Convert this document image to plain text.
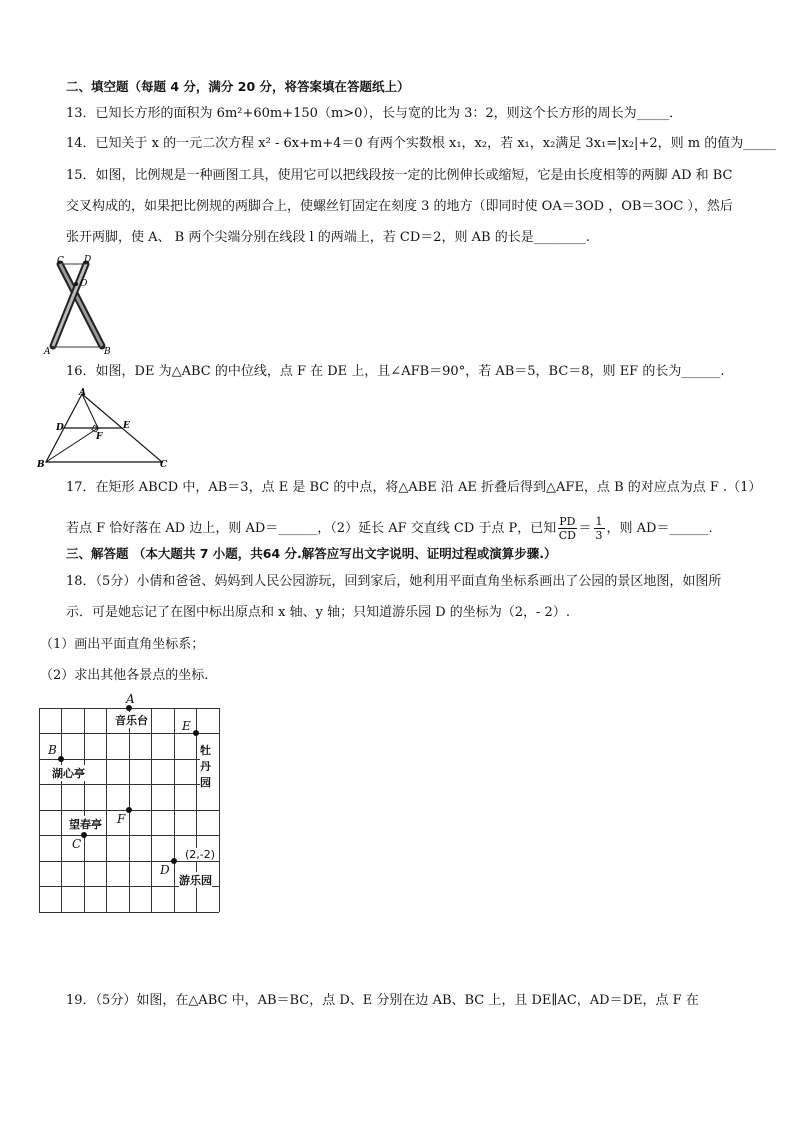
二、填空题（每题 4 分，满分 20 分，将答案填在答题纸上）
13．已知长方形的面积为 6m²+60m+150（m>0），长与宽的比为 3：2，则这个长方形的周长为_____．
14．已知关于 x 的一元二次方程 x² - 6x+m+4＝0 有两个实数根 x₁，x₂，若 x₁，x₂满足 3x₁=|x₂|+2，则 m 的值为_____
15．如图，比例规是一种画图工具，使用它可以把线段按一定的比例伸长或缩短，它是由长度相等的两脚 AD 和 BC
交叉构成的，如果把比例规的两脚合上，使螺丝钉固定在刻度 3 的地方（即同时使 OA＝3OD ，OB＝3OC ），然后
张开两脚，使 A、 B 两个尖端分别在线段 l 的两端上，若 CD＝2，则 AB 的长是________.
C D
O
A	B
16．如图，DE 为△ABC 的中位线，点 F 在 DE 上，且∠AFB＝90°，若 AB＝5，BC＝8，则 EF 的长为______.
A
B	C
D	E
F
17．在矩形 ABCD 中，AB＝3，点 E 是 BC 的中点，将△ABE 沿 AE 折叠后得到△AFE，点 B 的对应点为点 F .（1）
若点 F 恰好落在 AD 边上，则 AD＝______，（2）延长 AF 交直线 CD 于点 P，已知 $\frac{PD}{CD} = \frac{1}{3}$ ，则 AD＝______.
三、解答题 （本大题共 7 小题，共64 分.解答应写出文字说明、证明过程或演算步骤.）
18．（5分）小倩和爸爸、妈妈到人民公园游玩，回到家后，她利用平面直角坐标系画出了公园的景区地图，如图所
示．可是她忘记了在图中标出原点和 x 轴、y 轴；只知道游乐园 D 的坐标为（2，- 2）.
（1）画出平面直角坐标系；
（2）求出其他各景点的坐标．
A
音乐台	E
牡丹园
B
湖心亭
F
望春亭
C
D
(2,-2)
游乐园
19．（5分）如图，在△ABC 中，AB＝BC，点 D、E 分别在边 AB、BC 上，且 DE∥AC，AD＝DE，点 F 在
